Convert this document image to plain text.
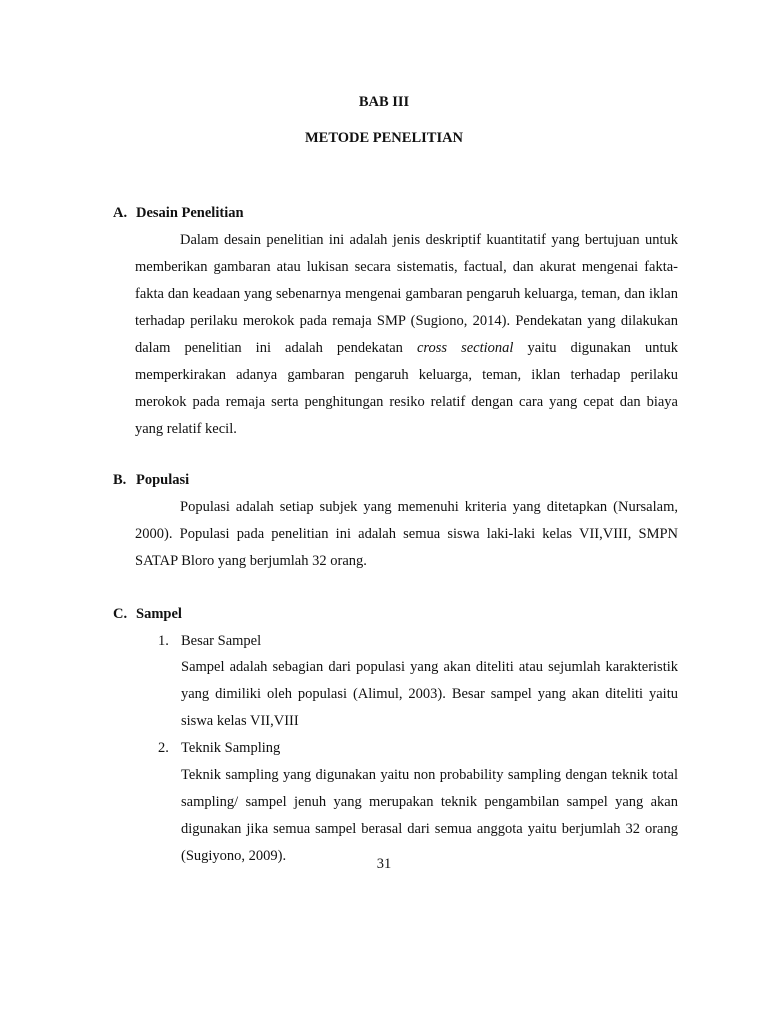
BAB III
METODE PENELITIAN
A. Desain Penelitian
Dalam desain penelitian ini adalah jenis deskriptif kuantitatif yang bertujuan untuk memberikan gambaran atau lukisan secara sistematis, factual, dan akurat mengenai fakta-fakta dan keadaan yang sebenarnya mengenai gambaran pengaruh keluarga, teman, dan iklan terhadap perilaku merokok pada remaja SMP (Sugiono, 2014). Pendekatan yang dilakukan dalam penelitian ini adalah pendekatan cross sectional yaitu digunakan untuk memperkirakan adanya gambaran pengaruh keluarga, teman, iklan terhadap perilaku merokok pada remaja serta penghitungan resiko relatif dengan cara yang cepat dan biaya yang relatif kecil.
B. Populasi
Populasi adalah setiap subjek yang memenuhi kriteria yang ditetapkan (Nursalam, 2000). Populasi pada penelitian ini adalah semua siswa laki-laki kelas VII,VIII, SMPN SATAP Bloro yang berjumlah 32 orang.
C. Sampel
1. Besar Sampel
Sampel adalah sebagian dari populasi yang akan diteliti atau sejumlah karakteristik yang dimiliki oleh populasi (Alimul, 2003). Besar sampel yang akan diteliti yaitu siswa kelas VII,VIII
2. Teknik Sampling
Teknik sampling yang digunakan yaitu non probability sampling dengan teknik total sampling/ sampel jenuh yang merupakan teknik pengambilan sampel yang akan digunakan jika semua sampel berasal dari semua anggota yaitu berjumlah 32 orang (Sugiyono, 2009).	31
